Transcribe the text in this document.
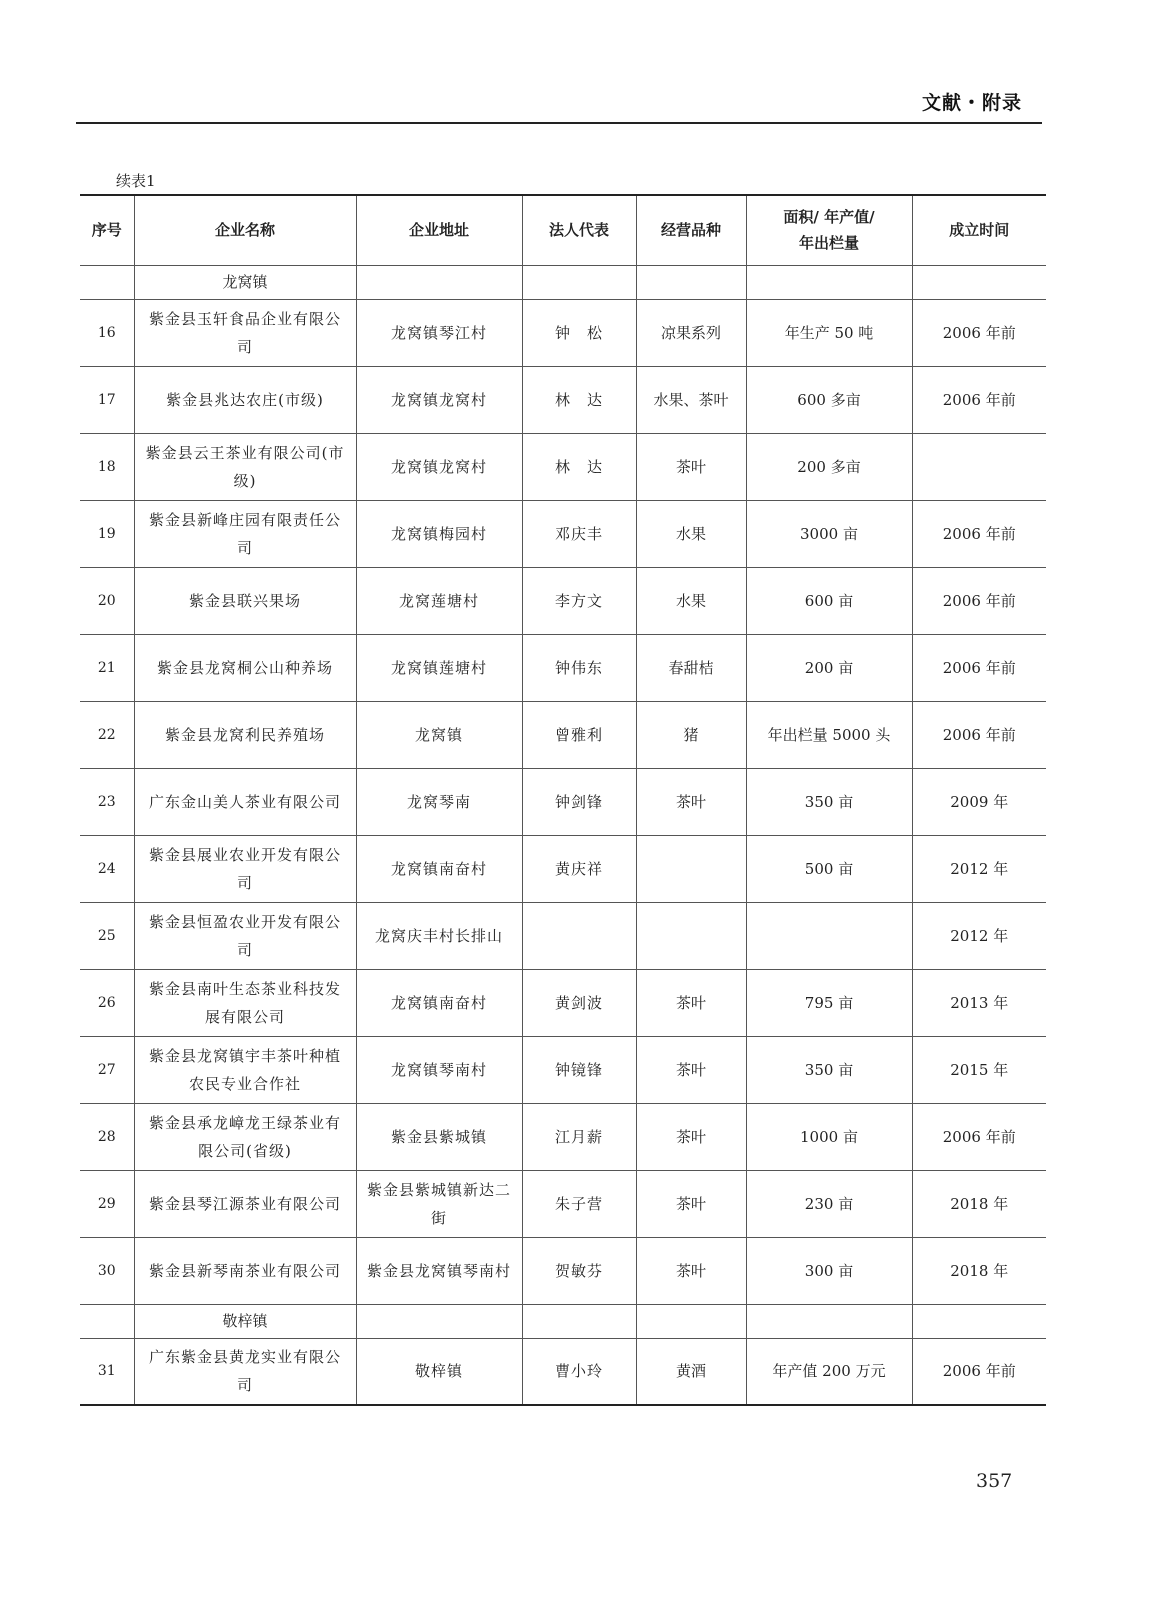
文献・附录
续表1
序号	企业名称	企业地址	法人代表	经营品种	面积/ 年产值/
年出栏量	成立时间
	龙窝镇					
16	紫金县玉轩食品企业有限公司	龙窝镇琴江村	钟　松	凉果系列	年生产 50 吨	2006 年前
17	紫金县兆达农庄(市级)	龙窝镇龙窝村	林　达	水果、茶叶	600 多亩	2006 年前
18	紫金县云王茶业有限公司(市级)	龙窝镇龙窝村	林　达	茶叶	200 多亩	
19	紫金县新峰庄园有限责任公司	龙窝镇梅园村	邓庆丰	水果	3000 亩	2006 年前
20	紫金县联兴果场	龙窝莲塘村	李方文	水果	600 亩	2006 年前
21	紫金县龙窝桐公山种养场	龙窝镇莲塘村	钟伟东	春甜桔	200 亩	2006 年前
22	紫金县龙窝利民养殖场	龙窝镇	曾雅利	猪	年出栏量 5000 头	2006 年前
23	广东金山美人茶业有限公司	龙窝琴南	钟剑锋	茶叶	350 亩	2009 年
24	紫金县展业农业开发有限公司	龙窝镇南奋村	黄庆祥		500 亩	2012 年
25	紫金县恒盈农业开发有限公司	龙窝庆丰村长排山				2012 年
26	紫金县南叶生态茶业科技发展有限公司	龙窝镇南奋村	黄剑波	茶叶	795 亩	2013 年
27	紫金县龙窝镇宇丰茶叶种植农民专业合作社	龙窝镇琴南村	钟镜锋	茶叶	350 亩	2015 年
28	紫金县承龙嶂龙王绿茶业有限公司(省级)	紫金县紫城镇	江月薪	茶叶	1000 亩	2006 年前
29	紫金县琴江源茶业有限公司	紫金县紫城镇新达二街	朱子营	茶叶	230 亩	2018 年
30	紫金县新琴南茶业有限公司	紫金县龙窝镇琴南村	贺敏芬	茶叶	300 亩	2018 年
	敬梓镇					
31	广东紫金县黄龙实业有限公司	敬梓镇	曹小玲	黄酒	年产值 200 万元	2006 年前
357
